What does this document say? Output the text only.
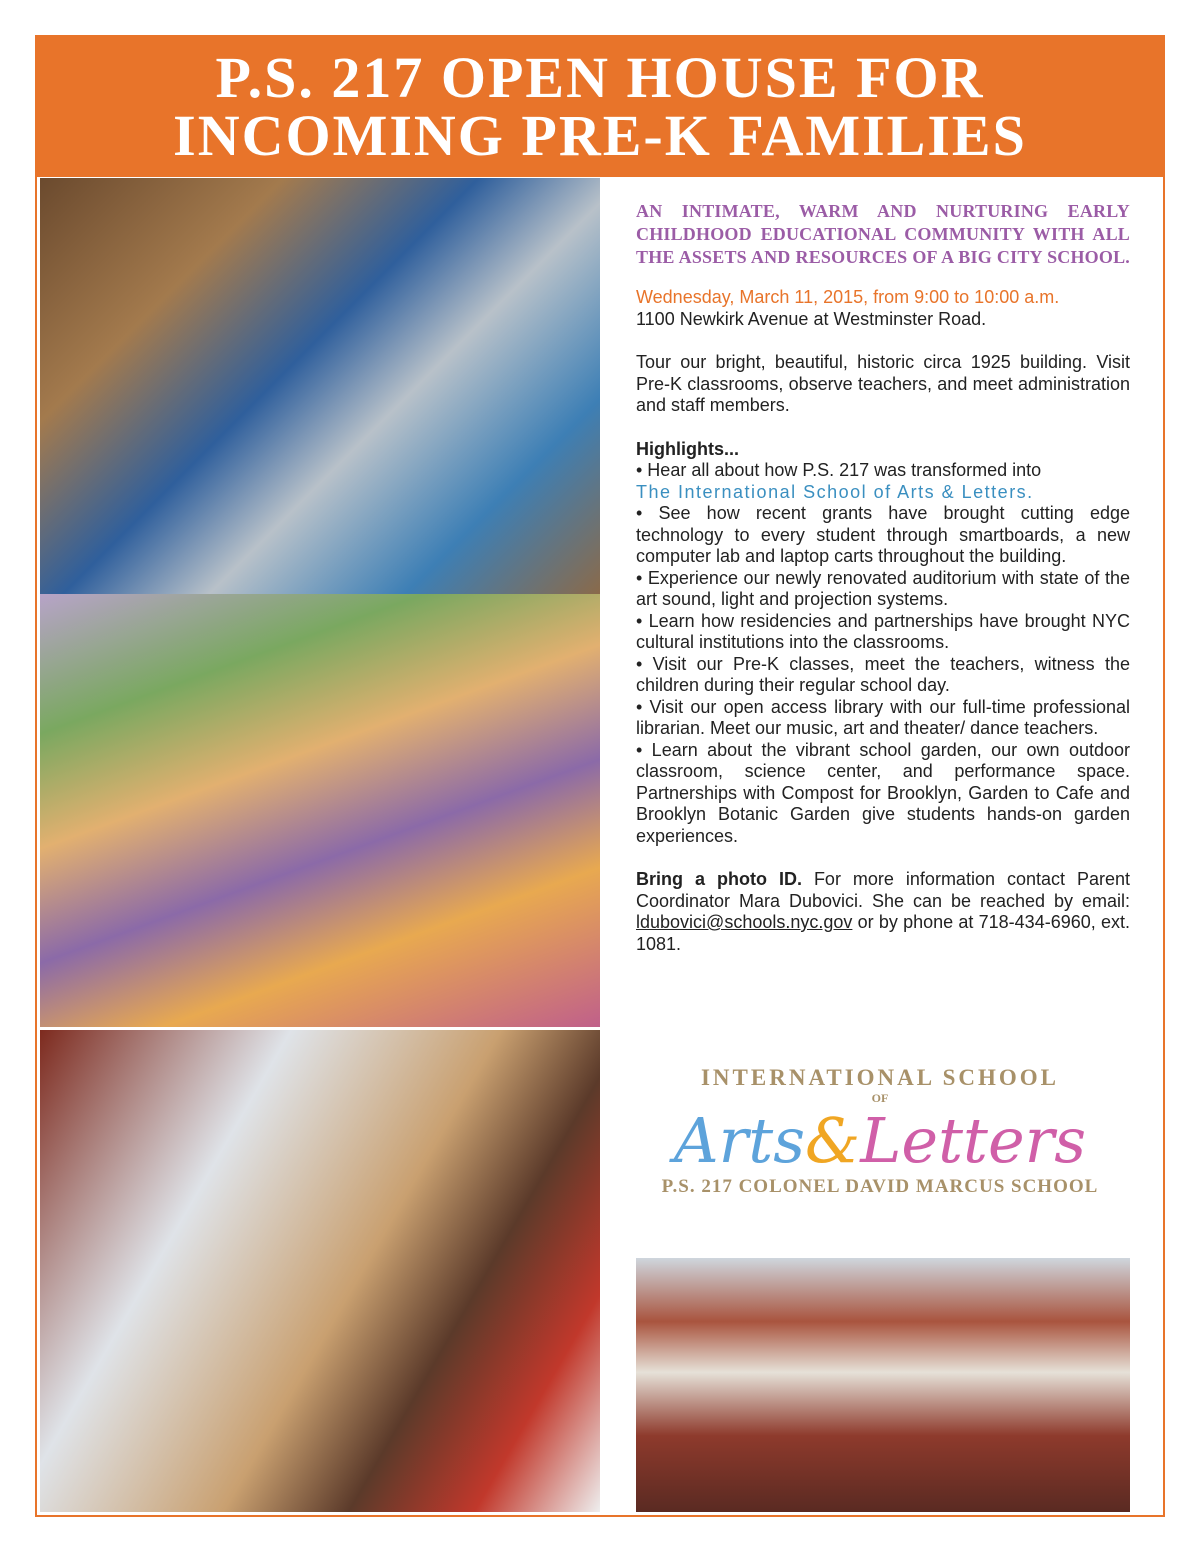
P.S. 217 OPEN HOUSE FOR
INCOMING PRE-K FAMILIES
AN INTIMATE, WARM AND NURTURING EARLY
CHILDHOOD EDUCATIONAL COMMUNITY WITH ALL
THE ASSETS AND RESOURCES OF A BIG CITY SCHOOL.
Wednesday, March 11, 2015, from 9:00 to 10:00 a.m.
1100 Newkirk Avenue at Westminster Road.

Tour our bright, beautiful, historic circa 1925 building. Visit Pre-K classrooms, observe teachers, and meet administration and staff members.

Highlights...

• Hear all about how P.S. 217 was transformed into
The International School of Arts & Letters.

• See how recent grants have brought cutting edge technology to every student through smartboards, a new computer lab and laptop carts throughout the building.

• Experience our newly renovated auditorium with state of the art sound, light and projection systems.

• Learn how residencies and partnerships have brought NYC cultural institutions into the classrooms.

• Visit our Pre-K classes, meet the teachers, witness the children during their regular school day.

• Visit our open access library with our full-time professional librarian. Meet our music, art and theater/ dance teachers.

• Learn about the vibrant school garden, our own outdoor classroom, science center, and performance space. Partnerships with Compost for Brooklyn, Garden to Cafe and Brooklyn Botanic Garden give students hands-on garden experiences.

Bring a photo ID. For more information contact Parent Coordinator Mara Dubovici. She can be reached by email: ldubovici@schools.nyc.gov or by phone at 718-434-6960, ext. 1081.

INTERNATIONAL SCHOOL
OF
Arts&Letters
P.S. 217 COLONEL DAVID MARCUS SCHOOL
